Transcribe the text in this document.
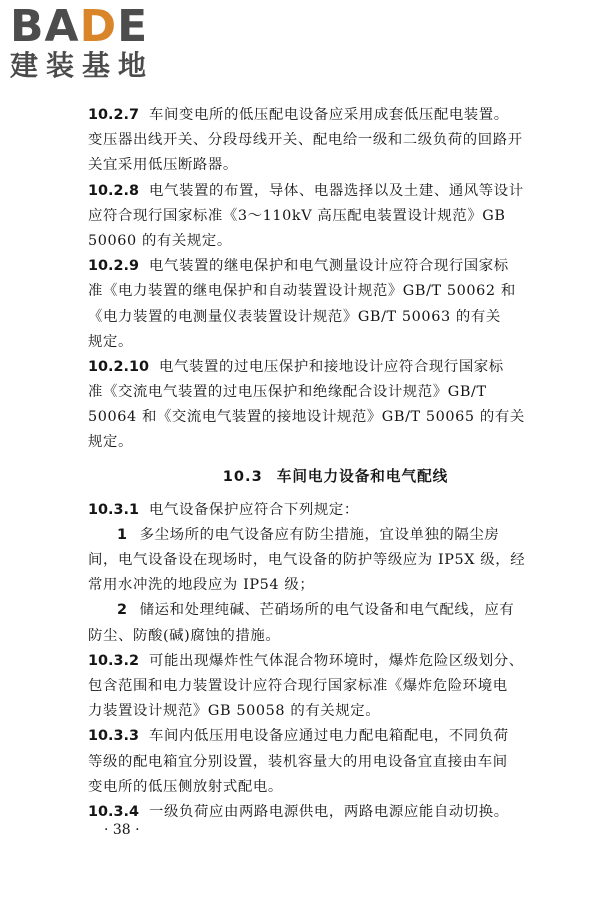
BADE
建装基地

10.2.7 车间变电所的低压配电设备应采用成套低压配电装置。

变压器出线开关、分段母线开关、配电给一级和二级负荷的回路开

关宜采用低压断路器。

10.2.8 电气装置的布置，导体、电器选择以及土建、通风等设计

应符合现行国家标准《3～110kV 高压配电装置设计规范》GB

50060 的有关规定。

10.2.9 电气装置的继电保护和电气测量设计应符合现行国家标

准《电力装置的继电保护和自动装置设计规范》GB/T 50062 和

《电力装置的电测量仪表装置设计规范》GB/T 50063 的有关

规定。

10.2.10 电气装置的过电压保护和接地设计应符合现行国家标

准《交流电气装置的过电压保护和绝缘配合设计规范》GB/T

50064 和《交流电气装置的接地设计规范》GB/T 50065 的有关

规定。

10.3 车间电力设备和电气配线

10.3.1 电气设备保护应符合下列规定：

1 多尘场所的电气设备应有防尘措施，宜设单独的隔尘房

间，电气设备设在现场时，电气设备的防护等级应为 IP5X 级，经

常用水冲洗的地段应为 IP54 级；

2 储运和处理纯碱、芒硝场所的电气设备和电气配线，应有

防尘、防酸(碱)腐蚀的措施。

10.3.2 可能出现爆炸性气体混合物环境时，爆炸危险区级划分、

包含范围和电力装置设计应符合现行国家标准《爆炸危险环境电

力装置设计规范》GB 50058 的有关规定。

10.3.3 车间内低压用电设备应通过电力配电箱配电，不同负荷

等级的配电箱宜分别设置，装机容量大的用电设备宜直接由车间

变电所的低压侧放射式配电。

10.3.4 一级负荷应由两路电源供电，两路电源应能自动切换。

· 38 ·
